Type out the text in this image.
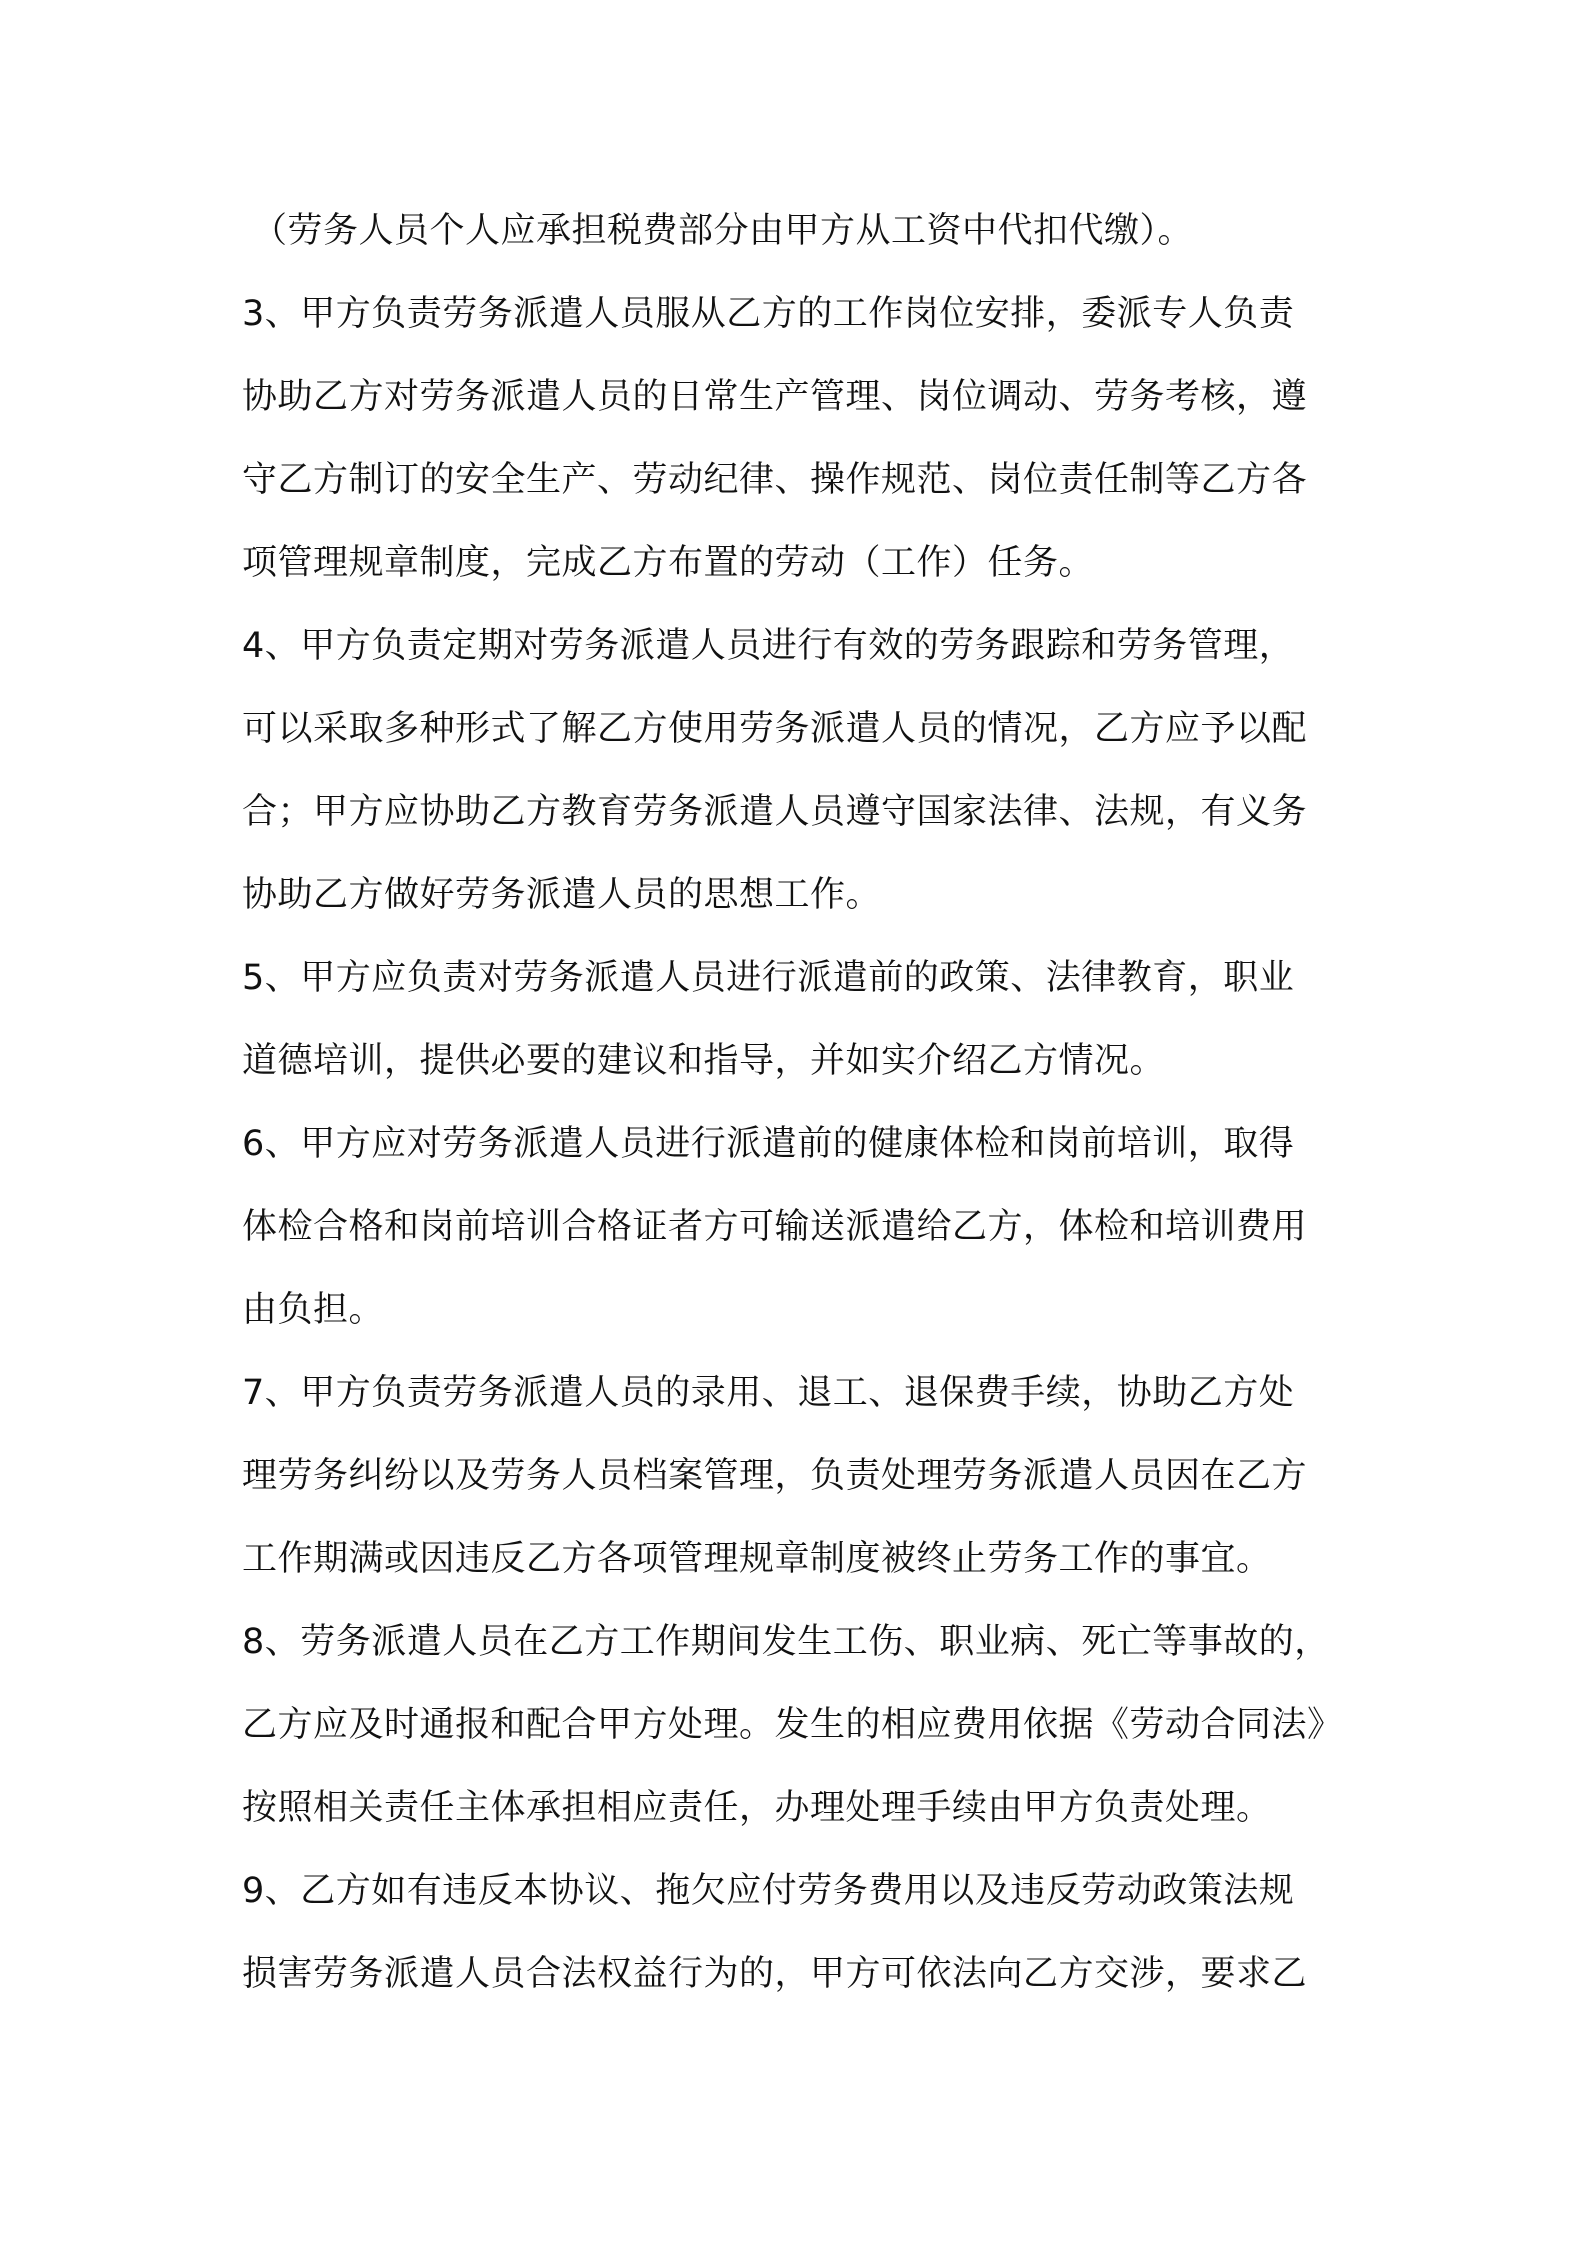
（劳务人员个人应承担税费部分由甲方从工资中代扣代缴）。
3、甲方负责劳务派遣人员服从乙方的工作岗位安排，委派专人负责
协助乙方对劳务派遣人员的日常生产管理、岗位调动、劳务考核，遵
守乙方制订的安全生产、劳动纪律、操作规范、岗位责任制等乙方各
项管理规章制度，完成乙方布置的劳动（工作）任务。
4、甲方负责定期对劳务派遣人员进行有效的劳务跟踪和劳务管理，
可以采取多种形式了解乙方使用劳务派遣人员的情况，乙方应予以配
合；甲方应协助乙方教育劳务派遣人员遵守国家法律、法规，有义务
协助乙方做好劳务派遣人员的思想工作。
5、甲方应负责对劳务派遣人员进行派遣前的政策、法律教育，职业
道德培训，提供必要的建议和指导，并如实介绍乙方情况。
6、甲方应对劳务派遣人员进行派遣前的健康体检和岗前培训，取得
体检合格和岗前培训合格证者方可输送派遣给乙方，体检和培训费用
由负担。
7、甲方负责劳务派遣人员的录用、退工、退保费手续，协助乙方处
理劳务纠纷以及劳务人员档案管理，负责处理劳务派遣人员因在乙方
工作期满或因违反乙方各项管理规章制度被终止劳务工作的事宜。
8、劳务派遣人员在乙方工作期间发生工伤、职业病、死亡等事故的，
乙方应及时通报和配合甲方处理。发生的相应费用依据《劳动合同法》
按照相关责任主体承担相应责任，办理处理手续由甲方负责处理。
9、乙方如有违反本协议、拖欠应付劳务费用以及违反劳动政策法规
损害劳务派遣人员合法权益行为的，甲方可依法向乙方交涉，要求乙
